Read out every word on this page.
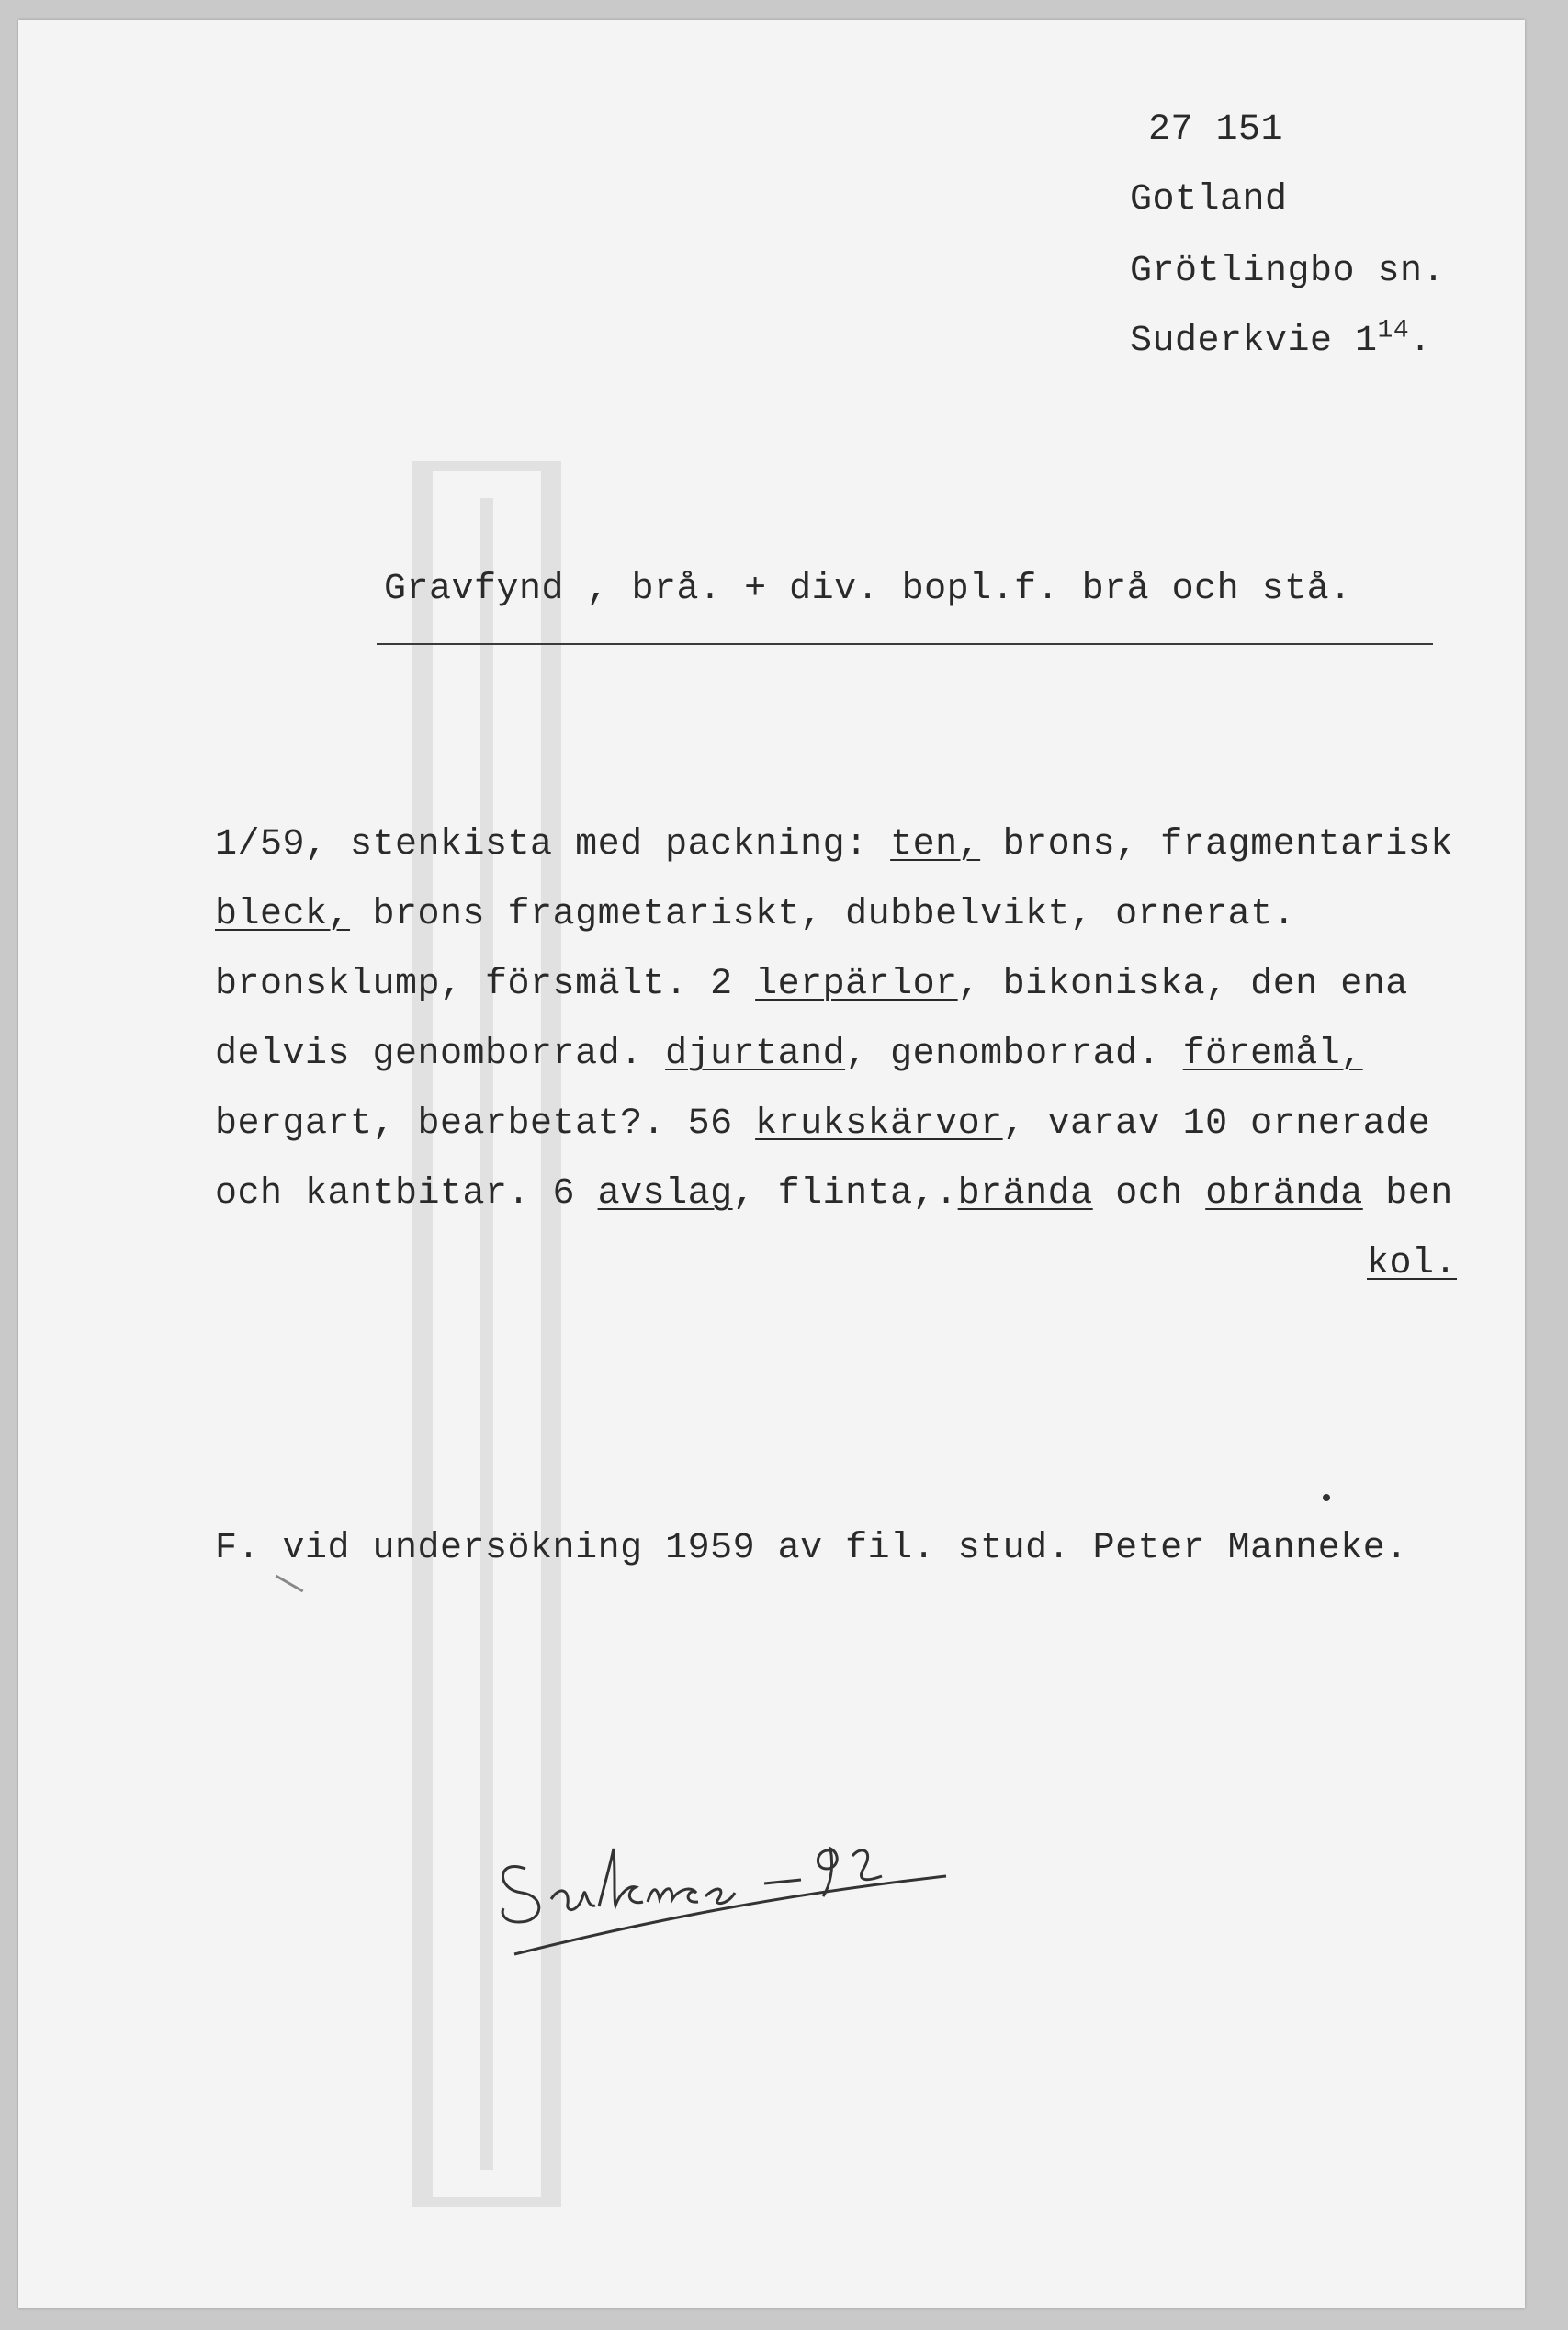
27 151
Gotland
Grötlingbo sn.
Suderkvie $1^{14}$.
Gravfynd , brå. + div. bopl.f. brå och stå.
1/59, stenkista med packning: ten, brons, fragmentarisk
bleck, brons fragmetariskt, dubbelvikt, ornerat.
bronsklump, försmält. 2 lerpärlor, bikoniska, den ena
delvis genomborrad. djurtand, genomborrad. föremål,
bergart, bearbetat?. 56 krukskärvor, varav 10 ornerade
och kantbitar. 6 avslag, flinta,.brända och obrända ben
kol.
F. vid undersökning 1959 av fil. stud. Peter Manneke.
